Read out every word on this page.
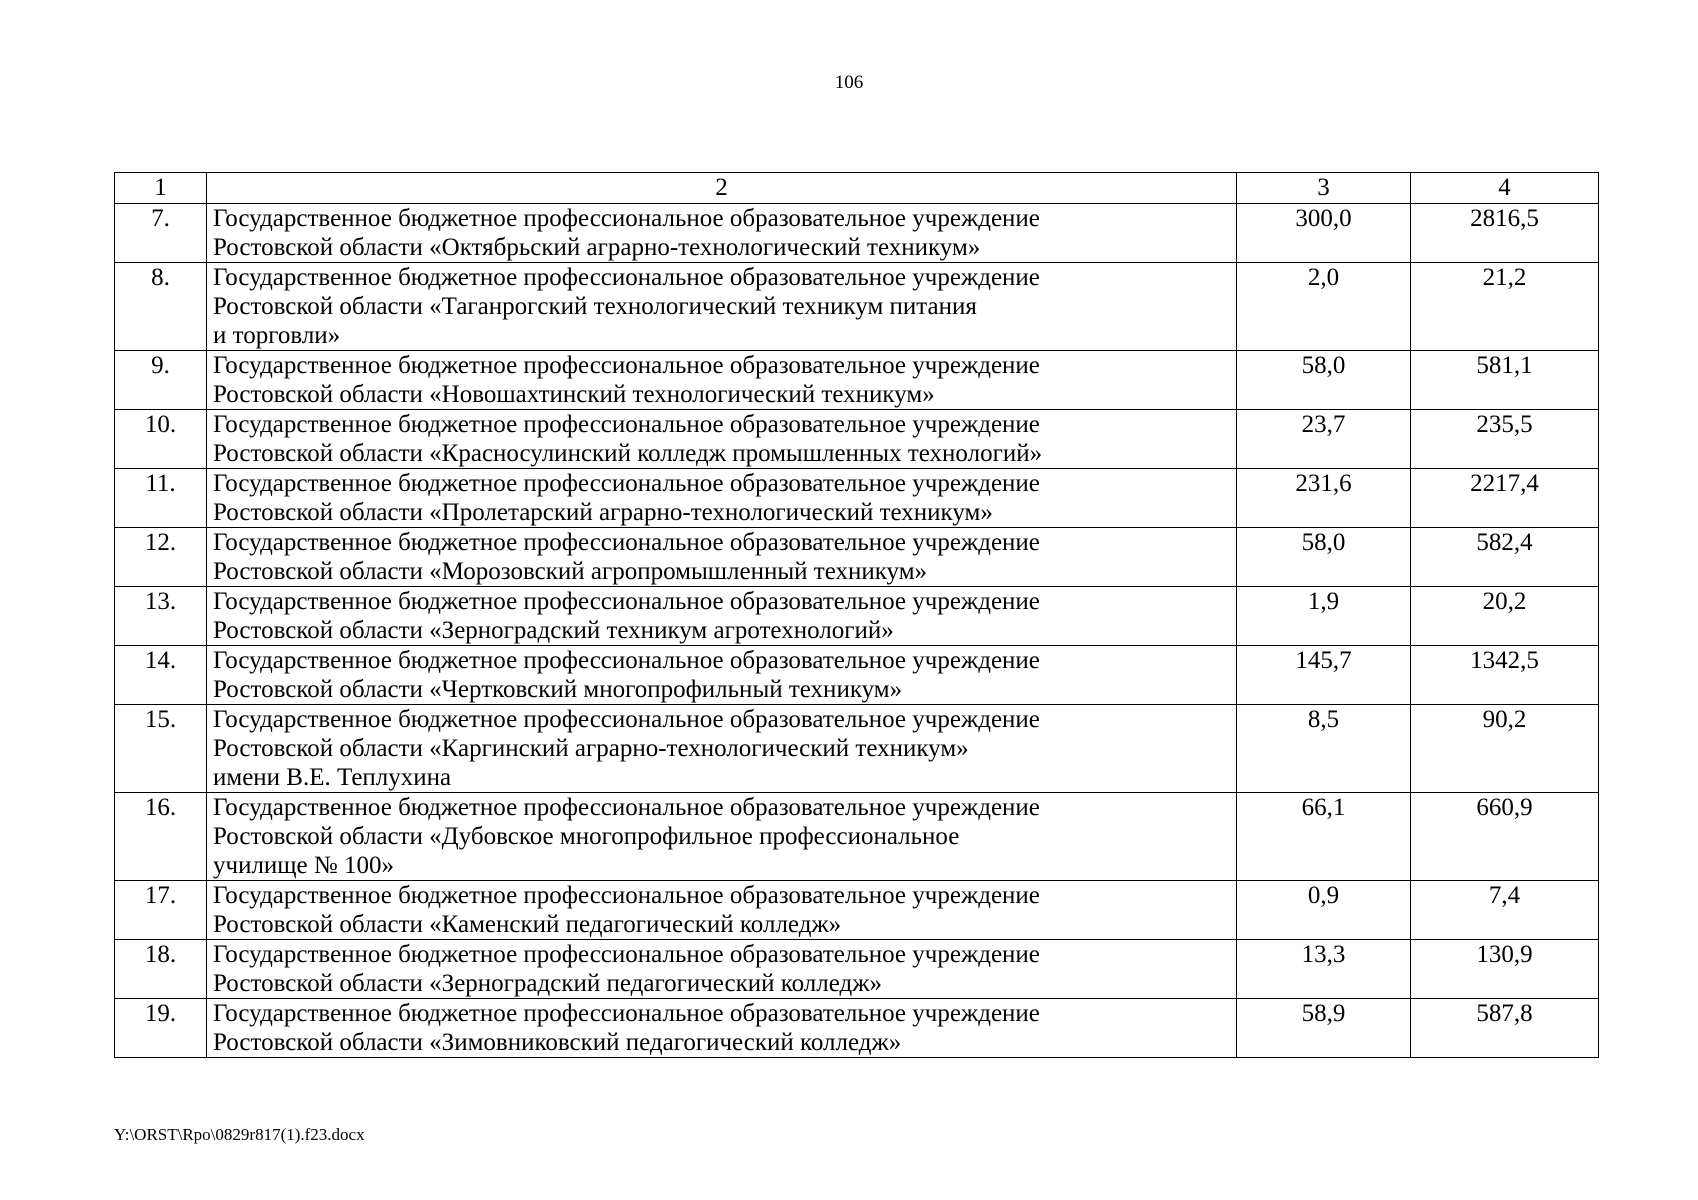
106
1	2	3	4
7.	Государственное бюджетное профессиональное образовательное учреждение
Ростовской области «Октябрьский аграрно-технологический техникум»	300,0	2816,5
8.	Государственное бюджетное профессиональное образовательное учреждение
Ростовской области «Таганрогский технологический техникум питания
и торговли»	2,0	21,2
9.	Государственное бюджетное профессиональное образовательное учреждение
Ростовской области «Новошахтинский технологический техникум»	58,0	581,1
10.	Государственное бюджетное профессиональное образовательное учреждение
Ростовской области «Красносулинский колледж промышленных технологий»	23,7	235,5
11.	Государственное бюджетное профессиональное образовательное учреждение
Ростовской области «Пролетарский аграрно-технологический техникум»	231,6	2217,4
12.	Государственное бюджетное профессиональное образовательное учреждение
Ростовской области «Морозовский агропромышленный техникум»	58,0	582,4
13.	Государственное бюджетное профессиональное образовательное учреждение
Ростовской области «Зерноградский техникум агротехнологий»	1,9	20,2
14.	Государственное бюджетное профессиональное образовательное учреждение
Ростовской области «Чертковский многопрофильный техникум»	145,7	1342,5
15.	Государственное бюджетное профессиональное образовательное учреждение
Ростовской области «Каргинский аграрно-технологический техникум»
имени В.Е. Теплухина	8,5	90,2
16.	Государственное бюджетное профессиональное образовательное учреждение
Ростовской области «Дубовское многопрофильное профессиональное
училище № 100»	66,1	660,9
17.	Государственное бюджетное профессиональное образовательное учреждение
Ростовской области «Каменский педагогический колледж»	0,9	7,4
18.	Государственное бюджетное профессиональное образовательное учреждение
Ростовской области «Зерноградский педагогический колледж»	13,3	130,9
19.	Государственное бюджетное профессиональное образовательное учреждение
Ростовской области «Зимовниковский педагогический колледж»	58,9	587,8
Y:\ORST\Rpo\0829r817(1).f23.docx
